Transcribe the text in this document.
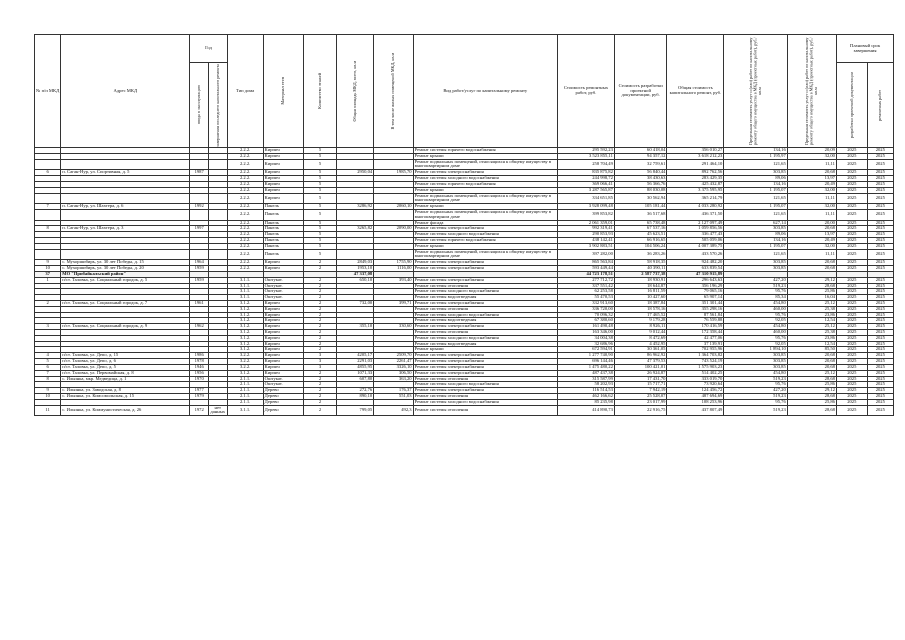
№ п/п МКД	Адрес МКД	Год		Тип дома	Материал стен	Количество этажей	Общая площадь МКД, всего, кв.м	В том числе жилых помещений МКД, кв.м	Вид работ/услуг по капитальному ремонту	Стоимость ремонтных работ, руб.	Стоимость разработки проектной документации, руб.	Общая стоимость капитального ремонт, руб.	Предельная стоимость услуг и (или) работ по капитальному ремонту общего имущества в МКД (проектных работ), руб./кв.м	Предельная стоимость услуг и (или) работ по капитальному ремонту общего имущества в МКД (проектных работ), руб./кв.м	Плановый срок завершения	

		ввода в эксплуатацию	завершения последнего капитального ремонта												разработки проектной документации	ремонтных работ

				2.2.2.	Кирпич	5			Ремонт системы горячего водоснабжения	295 592,23	60 418,04	356 010,27	134,16	20,09	2025	2025
				2.2.2.	Кирпич	5			Ремонт крыши	3 523 855,11	94 357,12	3 618 212,23	1 195,97	32,00	2025	2025
				2.2.2.	Кирпич	5			Ремонт подвальных помещений, относящихся к общему имуществу в многоквартирном доме	258 704,49	32 759,61	291 464,10	121,65	11,11	2025	2025
6	п. Саган-Нур, ул. Спортивная, д. 5	1987		2.2.2.	Кирпич	5	2950,04	1985,70	Ремонт системы электроснабжения	835 875,82	56 840,44	892 762,56	303,85	20,68	2025	2025
				2.2.2.	Кирпич	5			Ремонт системы холодного водоснабжения	244 998,72	38 430,63	283 429,35	89,06	13,97	2025	2025
				2.2.2.	Кирпич	5			Ремонт системы горячего водоснабжения	369 066,41	56 366,76	425 432,87	134,16	20,49	2025	2025
				2.2.2.	Кирпич	5			Ремонт крыши	3 287 565,87	88 030,08	3 375 595,95	1 195,07	32,00	2025	2025
				2.2.2.	Кирпич	5			Ремонт подвальных помещений, относящихся к общему имуществу в многоквартирном доме	334 651,85	30 562,94	365 214,79	121,65	11,11	2025	2025
7	п. Саган-Нур, ул. Шахтера, д. 6	1992		2.2.2.	Панель	5	3286,92	2060,10	Ремонт крыши	3 928 099,48	105 181,44	4 033 280,92	1 195,07	32,00	2025	2025
				2.2.2.	Панель	5			Ремонт подвальных помещений, относящихся к общему имуществу в многоквартирном доме	399 853,82	36 517,68	436 371,50	121,65	11,11	2025	2025
				2.2.2.	Панель	5			Ремонт фасада	2 061 359,01	65 738,48	2 127 097,49	627,14	20,00	2025	2025
8	п. Саган-Нур, ул. Шахтера, д. 3	1997		2.2.2.	Панель	5	3265,82	2090,00	Ремонт системы электроснабжения	992 319,41	67 537,16	1 059 856,56	303,85	20,68	2025	2025
				2.2.2.	Панель	5			Ремонт системы холодного водоснабжения	290 853,93	45 623,51	336 477,43	89,06	13,97	2025	2025
				2.2.2.	Панель	5			Ремонт системы горячего водоснабжения	438 142,41	66 916,65	505 059,06	134,16	20,49	2025	2025
				2.2.2.	Панель	5			Ремонт крыши	3 902 883,51	104 506,24	4 007 389,75	1 195,07	32,00	2025	2025
				2.2.2.	Панель	5			Ремонт подвальных помещений, относящихся к общему имуществу в многоквартирном доме	397 282,00	36 283,26	433 570,26	121,65	11,11	2025	2025
9	с. Мухоршибирь, ул. 30 лет Победы, д. 15	1964		2.2.2.	Кирпич	2	2849,03	1755,90	Ремонт системы электроснабжения	865 563,84	58 918,35	924 482,20	303,85	20,68	2025	2025
10	с. Мухоршибирь, ул. 30 лет Победы, д. 20	1959		2.2.2.	Кирпич	2	1953,10	1116,00	Ремонт системы электроснабжения	593 449,44	40 390,11	633 839,54	303,85	20,68	2025	2025
37	МО "Прибайкальский район"						47 337,08			44 723 178,51	2 587 737,38	47 310 915,89				
1	п/ст. Таловка, ул. Социальный городок, д. 5	1959		3.1.1.	Оштукат.	2	650,10	393,40	Ремонт системы электроснабжения	277 712,72	18 930,91	296 643,63	427,20	29,12	2025	2025
				3.1.1.	Оштукат.	2			Ремонт системы отопления	337 551,42	18 644,87	356 196,29	519,23	28,68	2025	2025
				3.1.1.	Оштукат.	2			Ремонт системы холодного водоснабжения	62 253,58	16 811,59	79 065,16	95,76	25,86	2025	2025
				3.1.1.	Оштукат.	2			Ремонт системы водоотведения	55 470,53	10 427,60	65 907,14	85,34	16,04	2025	2025
2	п/ст. Таловка, ул. Социальный городок, д. 7	1961		3.1.2.	Кирпич	2	732,00	399,71	Ремонт системы электроснабжения	332 913,60	18 387,84	351 301,44	454,80	25,12	2025	2025
				3.1.2.	Кирпич	2			Ремонт системы отопления	336 720,00	18 578,16	355 298,16	460,00	25,38	2025	2025
				3.1.2.	Кирпич	2			Ремонт системы холодного водоснабжения	70 096,32	17 465,52	87 561,84	95,76	23,86	2025	2025
				3.1.2.	Кирпич	2			Ремонт системы водоотведения	67 380,60	9 179,28	76 559,88	92,05	12,54	2025	2025
3	п/ст. Таловка, ул. Социальный городок, д. 9	1962		3.1.2.	Кирпич	2	355,10	330,60	Ремонт системы электроснабжения	161 490,48	8 926,11	170 416,59	454,80	25,12	2025	2025
				3.1.2.	Кирпич	2			Ремонт системы отопления	163 346,00	9 012,44	172 358,44	460,00	25,38	2025	2025
				3.1.2.	Кирпич	2			Ремонт системы холодного водоснабжения	34 004,38	8 472,69	42 477,06	95,76	23,86	2025	2025
				3.1.2.	Кирпич	2			Ремонт системы водоотведения	32 686,96	4 452,95	37 139,91	92,05	12,54	2025	2025
				3.1.2.	Кирпич	2			Ремонт крыши	672 594,91	30 361,05	702 955,96	1 894,10	85,50	2025	2025
4	п/ст. Таловка, ул. Депо, д. 15	1986		3.2.2.	Кирпич	3	4205,17	2509,70	Ремонт системы электроснабжения	1 277 740,90	86 962,92	1 364 703,82	303,85	20,68	2025	2025
5	п/ст. Таловка, ул. Депо, д. 6	1978		3.2.2.	Кирпич	3	2291,03	2261,47	Ремонт системы электроснабжения	696 144,46	47 379,53	743 524,19	303,85	20,68	2025	2025
6	п/ст. Таловка, ул. Депо, д. 5	1946		3.2.2.	Кирпич	3	4855,95	3326,10	Ремонт системы электроснабжения	1 475 480,22	100 421,01	1 575 903,23	303,85	20,68	2025	2025
7	п/ст. Таловка, ул. Первомайская, д. 8	1956		3.1.2.	Кирпич	2	1071,33	306,50	Ремонт системы электроснабжения	487 437,38	26 924,87	514 402,25	454,80	25,12	2025	2025
8	с. Ильинка, мкр. Медведица, д. 1	1970		2.1.1.	Оштукат.	2	607,80	363,20	Ремонт системы отопления	315 587,99	17 431,70	333 019,70	519,23	28,68	2025	2025
				2.1.1.	Оштукат.	2			Ремонт системы холодного водоснабжения	58 202,93	15 717,71	73 920,64	95,76	25,86	2025	2025
9	с. Ильинка, ул. Заводская, д. 8	1977		2.1.1.	Дерево	2	272,76	176,37	Ремонт системы электроснабжения	116 514,53	7 942,19	124 456,72	427,20	29,12	2025	2025
10	с. Ильинка, ул. Комсомольская, д. 15	1979		2.1.1.	Дерево	2	890,10	551,03	Ремонт системы отопления	462 166,62	25 528,07	487 694,69	519,23	28,68	2025	2025
				2.1.1.	Дерево	2			Ремонт системы холодного водоснабжения	85 235,98	23 017,99	108 253,96	95,76	25,86	2025	2025
11	с. Ильинка, ул. Коммунистическая, д. 26	1972	нет данных	3.1.1.	Дерево	2	799,05	492,3	Ремонт системы отопления	414 890,73	22 916,75	437 807,49	519,23	28,68	2025	2025
